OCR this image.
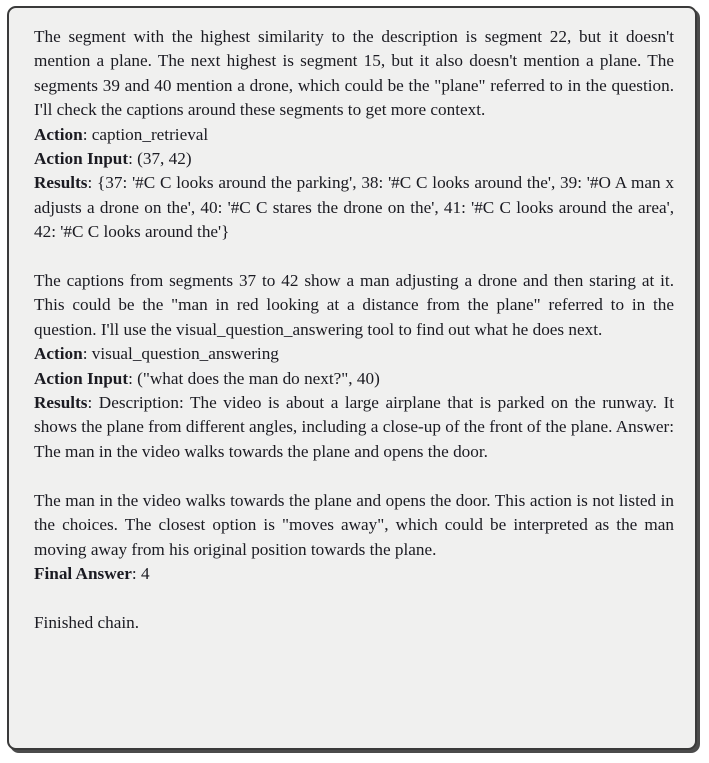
The segment with the highest similarity to the description is segment 22, but it doesn't mention a plane. The next highest is segment 15, but it also doesn't mention a plane. The segments 39 and 40 mention a drone, which could be the "plane" referred to in the question. I'll check the captions around these segments to get more context.

Action: caption_retrieval

Action Input: (37, 42)

Results: {37: '#C C looks around the parking', 38: '#C C looks around the', 39: '#O A man x adjusts a drone on the', 40: '#C C stares the drone on the', 41: '#C C looks around the area', 42: '#C C looks around the'}

The captions from segments 37 to 42 show a man adjusting a drone and then staring at it. This could be the "man in red looking at a distance from the plane" referred to in the question. I'll use the visual_question_answering tool to find out what he does next.

Action: visual_question_answering

Action Input: ("what does the man do next?", 40)

Results: Description: The video is about a large airplane that is parked on the runway. It shows the plane from different angles, including a close-up of the front of the plane. Answer: The man in the video walks towards the plane and opens the door.

The man in the video walks towards the plane and opens the door. This action is not listed in the choices. The closest option is "moves away", which could be interpreted as the man moving away from his original position towards the plane.

Final Answer: 4

Finished chain.
